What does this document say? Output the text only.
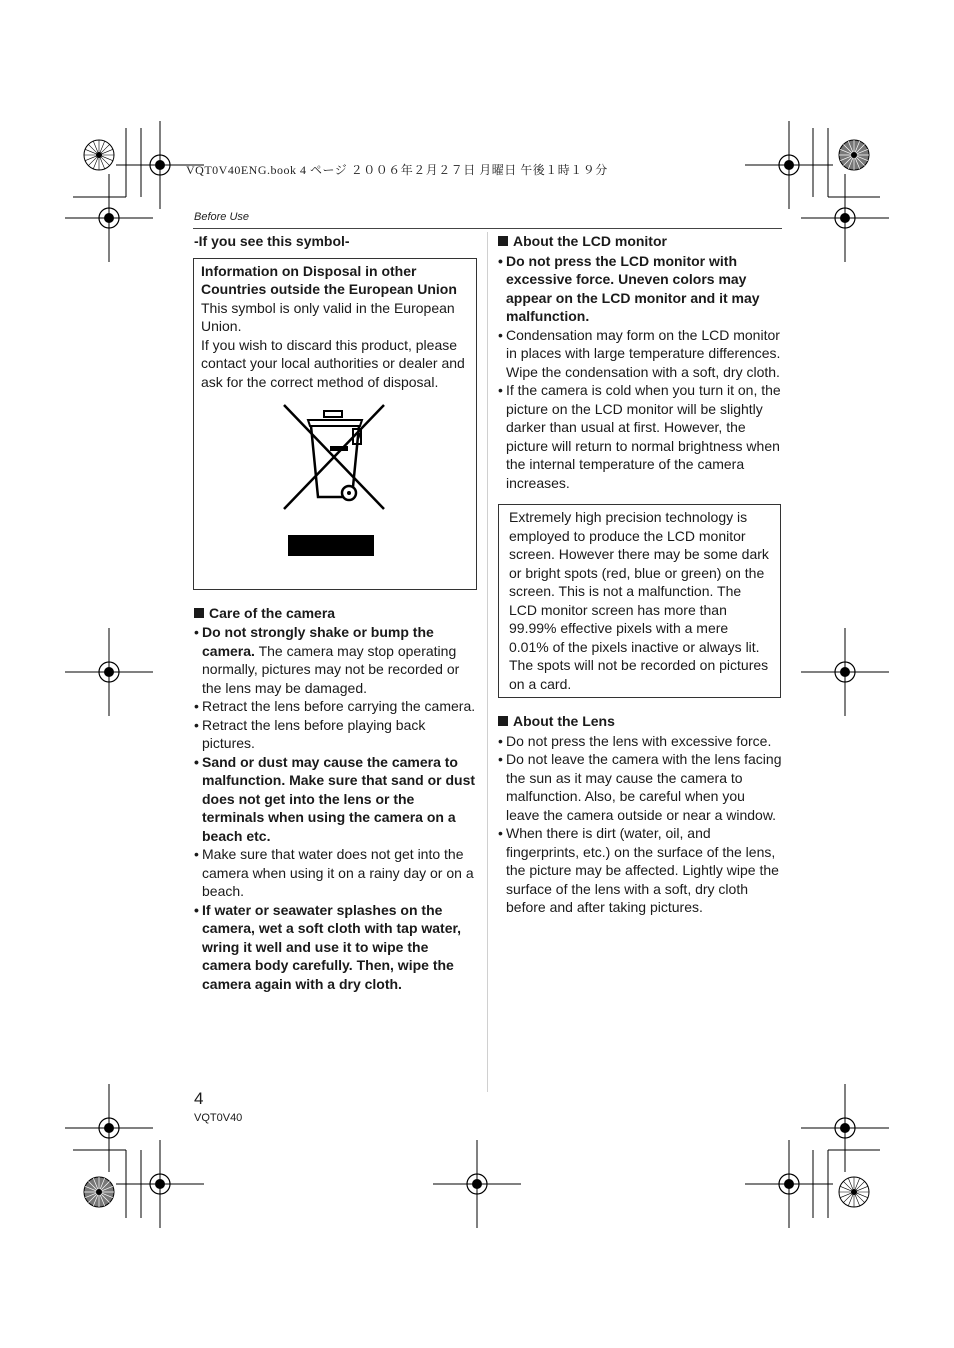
VQT0V40ENG.book 4 ページ ２００６年２月２７日 月曜日 午後１時１９分
Before Use
-If you see this symbol-
Information on Disposal in other Countries outside the European Union
This symbol is only valid in the European Union.
If you wish to discard this product, please contact your local authorities or dealer and ask for the correct method of disposal.
Care of the camera
• Do not strongly shake or bump the camera. The camera may stop operating normally, pictures may not be recorded or the lens may be damaged.
• Retract the lens before carrying the camera.
• Retract the lens before playing back pictures.
• Sand or dust may cause the camera to malfunction. Make sure that sand or dust does not get into the lens or the terminals when using the camera on a beach etc.
• Make sure that water does not get into the camera when using it on a rainy day or on a beach.
• If water or seawater splashes on the camera, wet a soft cloth with tap water, wring it well and use it to wipe the camera body carefully. Then, wipe the camera again with a dry cloth.
About the LCD monitor
• Do not press the LCD monitor with excessive force. Uneven colors may appear on the LCD monitor and it may malfunction.
• Condensation may form on the LCD monitor in places with large temperature differences. Wipe the condensation with a soft, dry cloth.
• If the camera is cold when you turn it on, the picture on the LCD monitor will be slightly darker than usual at first. However, the picture will return to normal brightness when the internal temperature of the camera increases.
Extremely high precision technology is employed to produce the LCD monitor screen. However there may be some dark or bright spots (red, blue or green) on the screen. This is not a malfunction. The LCD monitor screen has more than 99.99% effective pixels with a mere 0.01% of the pixels inactive or always lit. The spots will not be recorded on pictures on a card.
About the Lens
• Do not press the lens with excessive force.
• Do not leave the camera with the lens facing the sun as it may cause the camera to malfunction. Also, be careful when you leave the camera outside or near a window.
• When there is dirt (water, oil, and fingerprints, etc.) on the surface of the lens, the picture may be affected. Lightly wipe the surface of the lens with a soft, dry cloth before and after taking pictures.
4
VQT0V40
